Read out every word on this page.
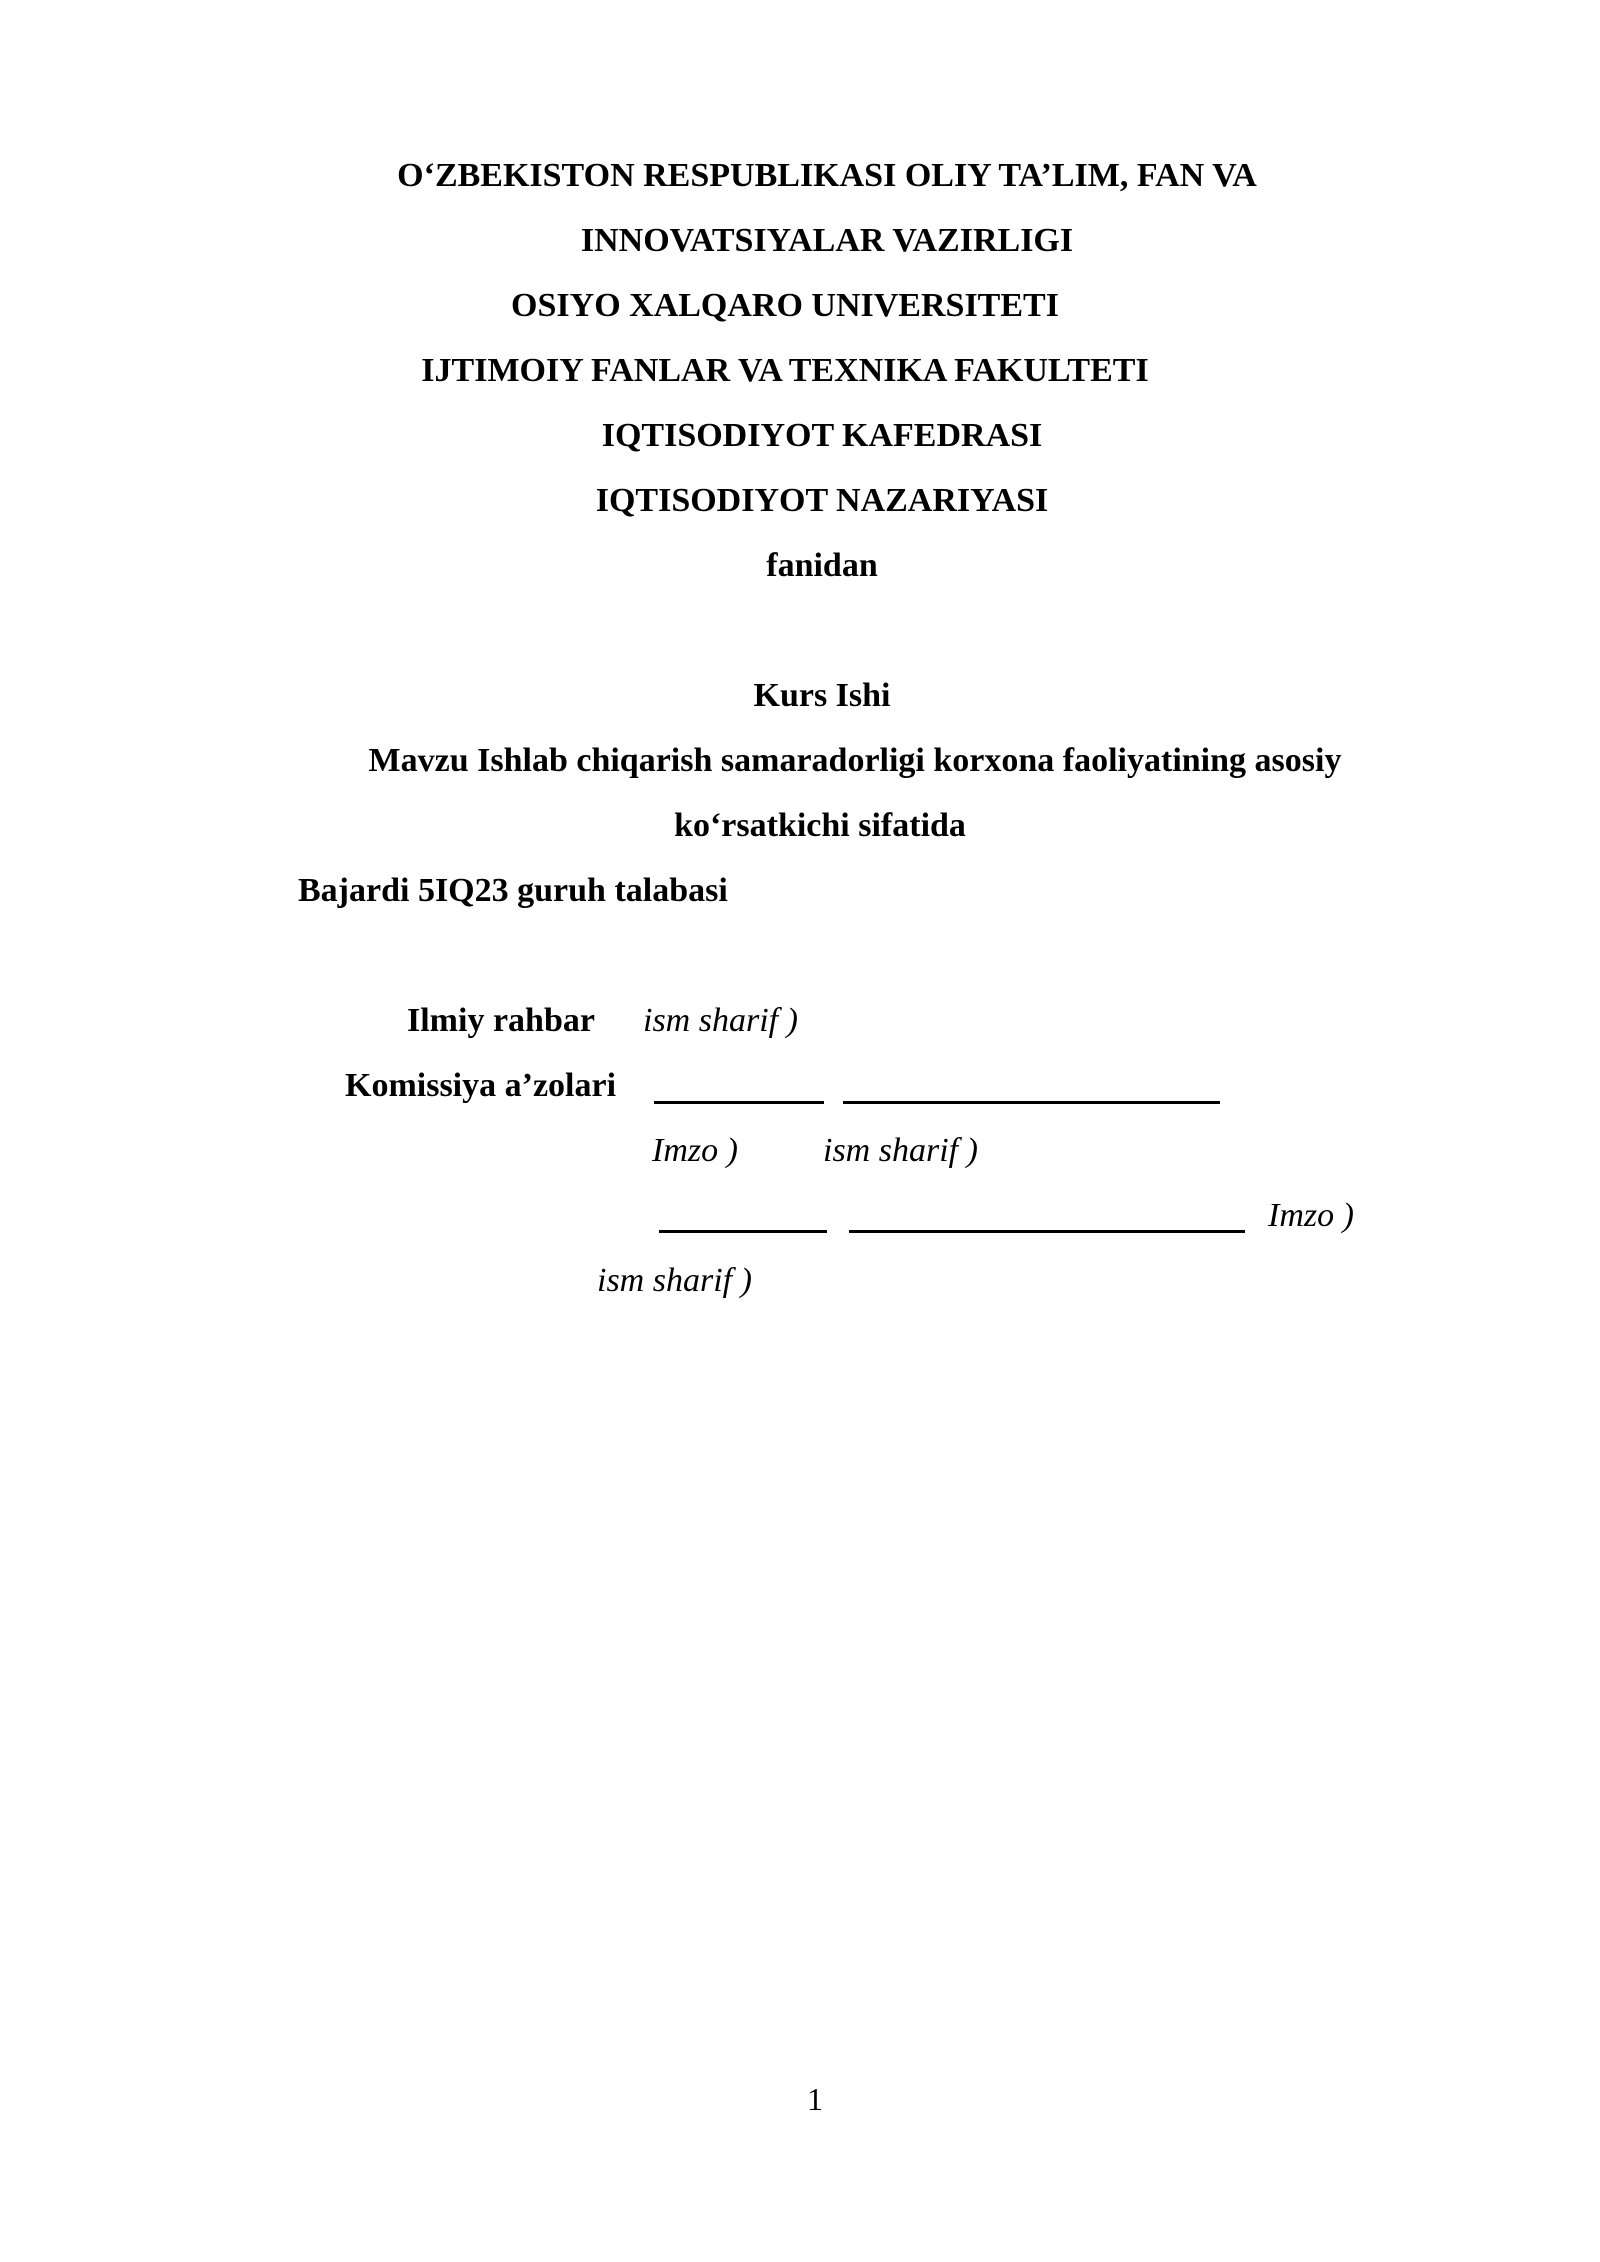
O‘ZBEKISTON RESPUBLIKASI OLIY TA’LIM, FAN VA
INNOVATSIYALAR VAZIRLIGI
OSIYO XALQARO UNIVERSITETI
IJTIMOIY FANLAR VA TEXNIKA FAKULTETI
IQTISODIYOT KAFEDRASI
IQTISODIYOT NAZARIYASI
fanidan
Kurs Ishi
Mavzu Ishlab chiqarish samaradorligi korxona faoliyatining asosiy
ko‘rsatkichi sifatida
Bajardi 5IQ23 guruh talabasi
Ilmiy rahbar ism sharif )
Komissiya a’zolari
Imzo )	ism sharif )
Imzo )
ism sharif )
1
